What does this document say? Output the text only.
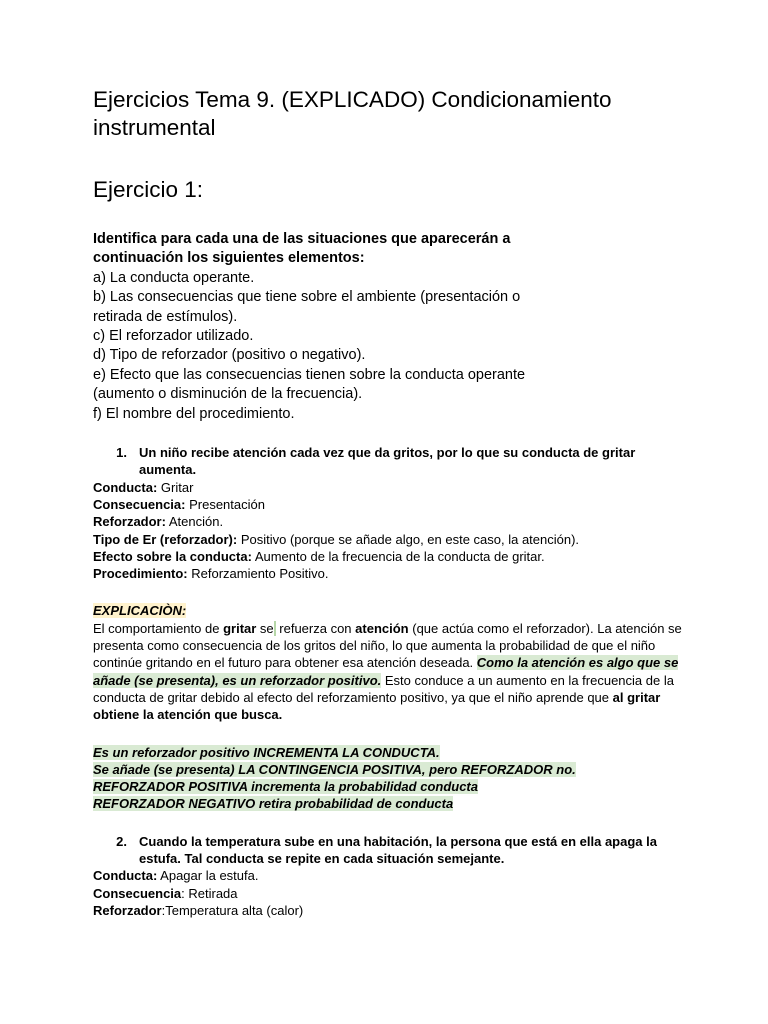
Ejercicios Tema 9. (EXPLICADO) Condicionamiento instrumental
Ejercicio 1:

Identifica para cada una de las situaciones que aparecerán a continuación los siguientes elementos:

a) La conducta operante.

b) Las consecuencias que tiene sobre el ambiente (presentación o retirada de estímulos).

c) El reforzador utilizado.

d) Tipo de reforzador (positivo o negativo).

e) Efecto que las consecuencias tienen sobre la conducta operante (aumento o disminución de la frecuencia).

f) El nombre del procedimiento.

1. Un niño recibe atención cada vez que da gritos, por lo que su conducta de gritar aumenta.

Conducta: Gritar

Consecuencia: Presentación

Reforzador: Atención.

Tipo de Er (reforzador): Positivo (porque se añade algo, en este caso, la atención).

Efecto sobre la conducta: Aumento de la frecuencia de la conducta de gritar.

Procedimiento: Reforzamiento Positivo.

EXPLICACIÒN:

El comportamiento de gritar se refuerza con atención (que actúa como el reforzador). La atención se presenta como consecuencia de los gritos del niño, lo que aumenta la probabilidad de que el niño continúe gritando en el futuro para obtener esa atención deseada. Como la atención es algo que se añade (se presenta), es un reforzador positivo. Esto conduce a un aumento en la frecuencia de la conducta de gritar debido al efecto del reforzamiento positivo, ya que el niño aprende que al gritar obtiene la atención que busca.

Es un reforzador positivo INCREMENTA LA CONDUCTA.
Se añade (se presenta) LA CONTINGENCIA POSITIVA, pero REFORZADOR no.
REFORZADOR POSITIVA incrementa la probabilidad conducta
REFORZADOR NEGATIVO retira probabilidad de conducta
2. Cuando la temperatura sube en una habitación, la persona que está en ella apaga la estufa. Tal conducta se repite en cada situación semejante.

Conducta: Apagar la estufa.

Consecuencia: Retirada

Reforzador:Temperatura alta (calor)
